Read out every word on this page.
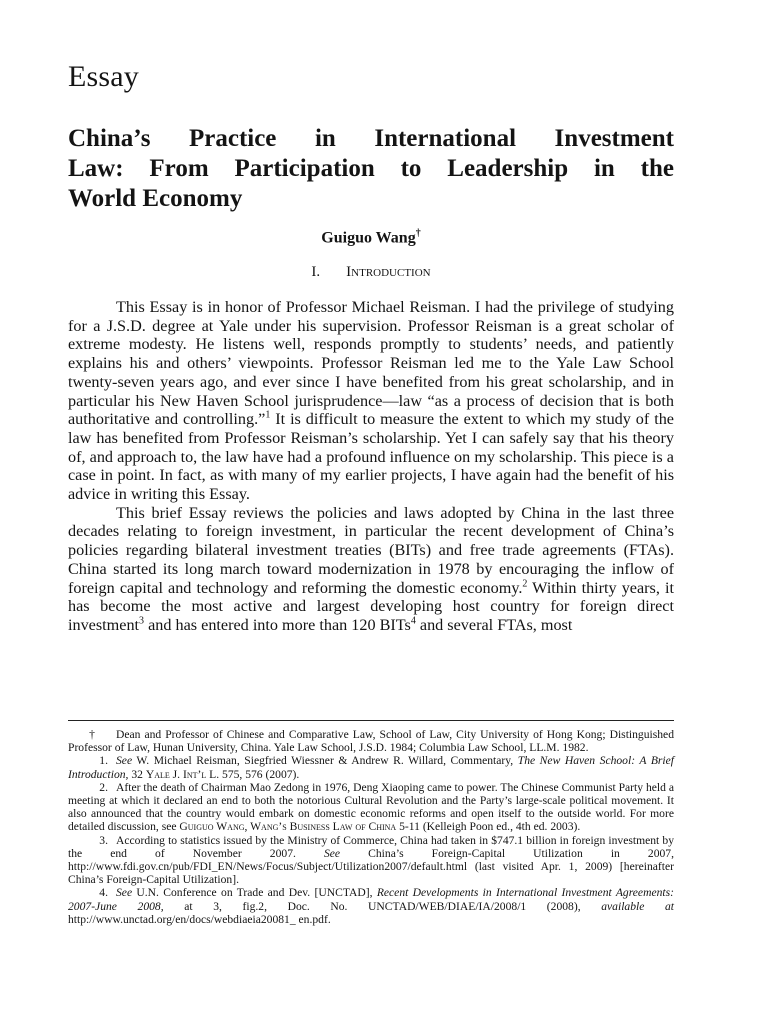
Essay
China’s Practice in International Investment
Law: From Participation to Leadership in the
World Economy
Guiguo Wang†
I. Introduction

This Essay is in honor of Professor Michael Reisman. I had the privilege of studying for a J.S.D. degree at Yale under his supervision. Professor Reisman is a great scholar of extreme modesty. He listens well, responds promptly to students’ needs, and patiently explains his and others’ viewpoints. Professor Reisman led me to the Yale Law School twenty-seven years ago, and ever since I have benefited from his great scholarship, and in particular his New Haven School jurisprudence—law “as a process of decision that is both authoritative and controlling.”$^1$ It is difficult to measure the extent to which my study of the law has benefited from Professor Reisman’s scholarship. Yet I can safely say that his theory of, and approach to, the law have had a profound influence on my scholarship. This piece is a case in point. In fact, as with many of my earlier projects, I have again had the benefit of his advice in writing this Essay.

This brief Essay reviews the policies and laws adopted by China in the last three decades relating to foreign investment, in particular the recent development of China’s policies regarding bilateral investment treaties (BITs) and free trade agreements (FTAs). China started its long march toward modernization in 1978 by encouraging the inflow of foreign capital and technology and reforming the domestic economy.$^2$ Within thirty years, it has become the most active and largest developing host country for foreign direct investment$^3$ and has entered into more than 120 BITs$^4$ and several FTAs, most

† Dean and Professor of Chinese and Comparative Law, School of Law, City University of Hong Kong; Distinguished Professor of Law, Hunan University, China. Yale Law School, J.S.D. 1984; Columbia Law School, LL.M. 1982.

1. See W. Michael Reisman, Siegfried Wiessner & Andrew R. Willard, Commentary, The New Haven School: A Brief Introduction, 32 Yale J. Int’l L. 575, 576 (2007).

2. After the death of Chairman Mao Zedong in 1976, Deng Xiaoping came to power. The Chinese Communist Party held a meeting at which it declared an end to both the notorious Cultural Revolution and the Party’s large-scale political movement. It also announced that the country would embark on domestic economic reforms and open itself to the outside world. For more detailed discussion, see Guiguo Wang, Wang’s Business Law of China 5-11 (Kelleigh Poon ed., 4th ed. 2003).

3. According to statistics issued by the Ministry of Commerce, China had taken in $747.1 billion in foreign investment by the end of November 2007. See China’s Foreign-Capital Utilization in 2007, http://www.fdi.gov.cn/pub/FDI_EN/News/Focus/Subject/Utilization2007/default.html (last visited Apr. 1, 2009) [hereinafter China’s Foreign-Capital Utilization].

4. See U.N. Conference on Trade and Dev. [UNCTAD], Recent Developments in International Investment Agreements: 2007-June 2008, at 3, fig.2, Doc. No. UNCTAD/WEB/DIAE/IA/2008/1 (2008), available at http://www.unctad.org/en/docs/webdiaeia20081_ en.pdf.
